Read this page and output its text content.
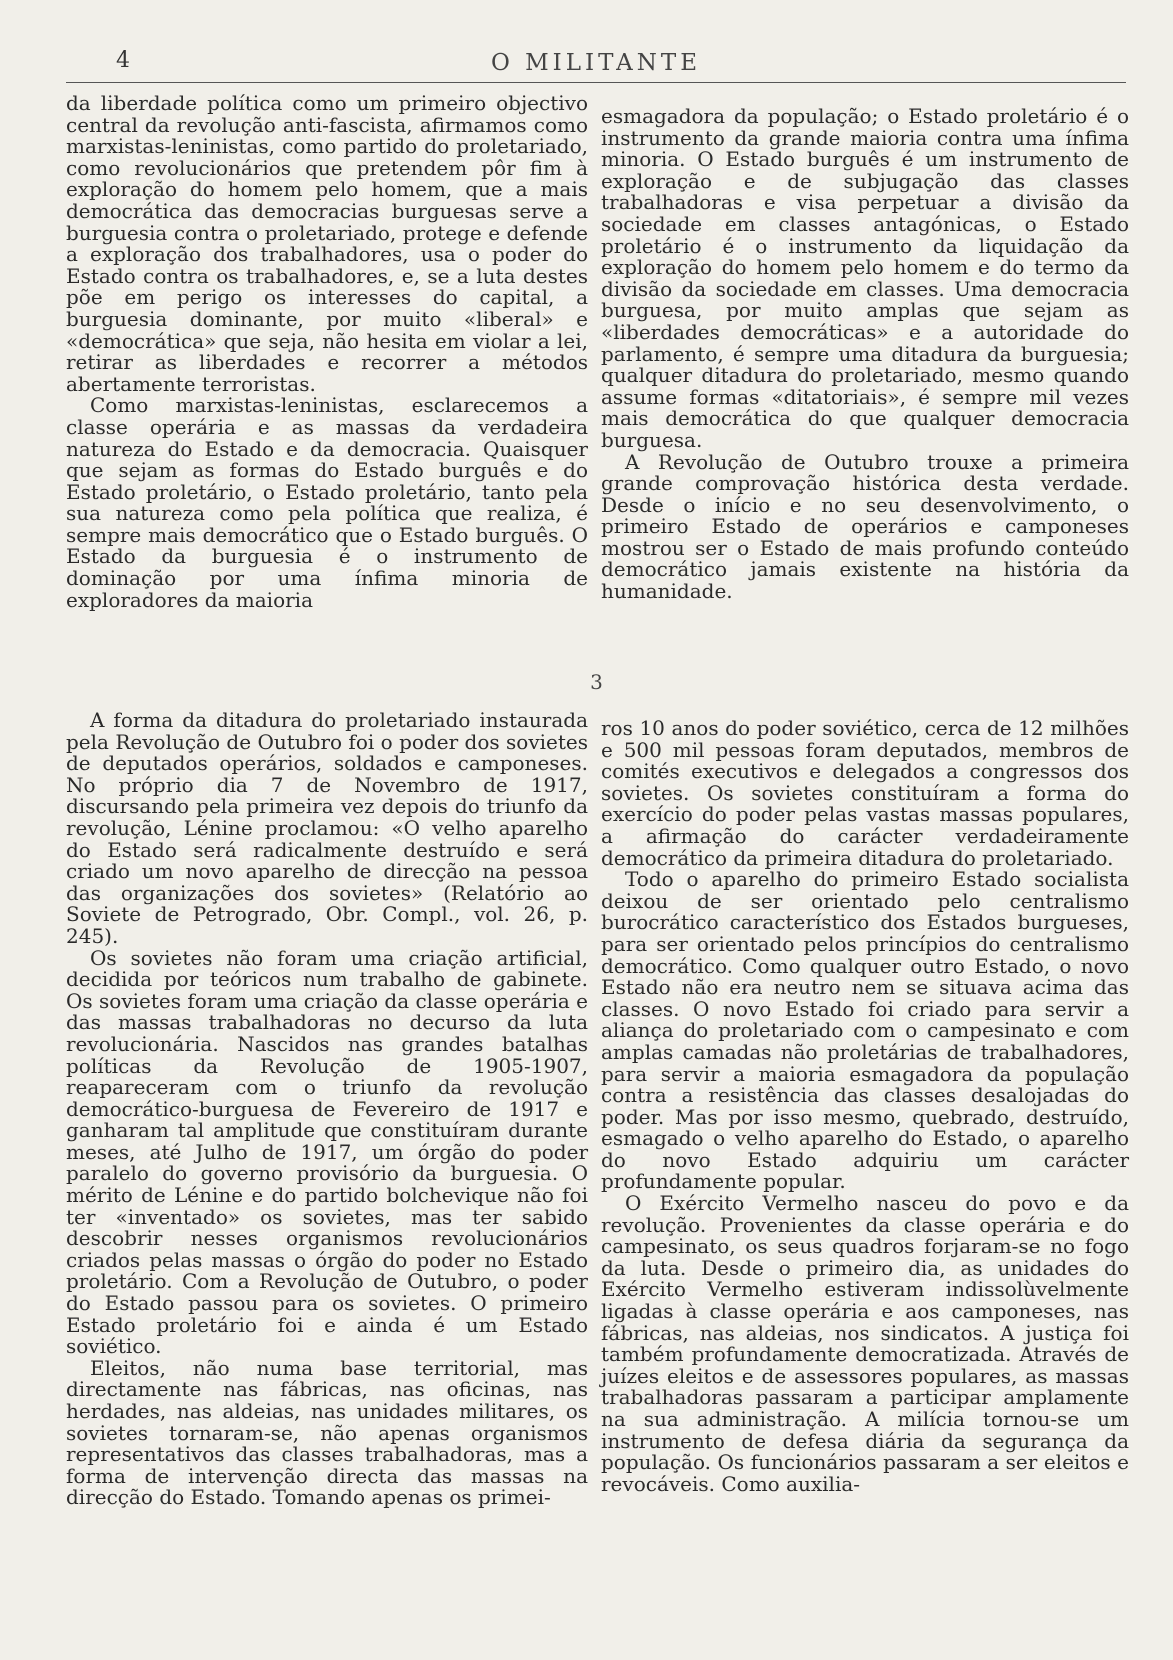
4	O MILITANTE

da liberdade política como um primeiro objectivo central da revolução anti-fascista, afirmamos como marxistas-leninistas, como partido do proletariado, como revolucionários que pretendem pôr fim à exploração do homem pelo homem, que a mais democrática das democracias burguesas serve a burguesia contra o proletariado, protege e defende a exploração dos trabalhadores, usa o poder do Estado contra os trabalhadores, e, se a luta destes põe em perigo os interesses do capital, a burguesia dominante, por muito «liberal» e «democrática» que seja, não hesita em violar a lei, retirar as liberdades e recorrer a métodos abertamente terroristas.

Como marxistas-leninistas, esclarecemos a classe operária e as massas da verdadeira natureza do Estado e da democracia. Quaisquer que sejam as formas do Estado burguês e do Estado proletário, o Estado proletário, tanto pela sua natureza como pela política que realiza, é sempre mais democrático que o Estado burguês. O Estado da burguesia é o instrumento de dominação por uma ínfima minoria de exploradores da maioria

esmagadora da população; o Estado proletário é o instrumento da grande maioria contra uma ínfima minoria. O Estado burguês é um instrumento de exploração e de subjugação das classes trabalhadoras e visa perpetuar a divisão da sociedade em classes antagónicas, o Estado proletário é o instrumento da liquidação da exploração do homem pelo homem e do termo da divisão da sociedade em classes. Uma democracia burguesa, por muito amplas que sejam as «liberdades democráticas» e a autoridade do parlamento, é sempre uma ditadura da burguesia; qualquer ditadura do proletariado, mesmo quando assume formas «ditatoriais», é sempre mil vezes mais democrática do que qualquer democracia burguesa.

A Revolução de Outubro trouxe a primeira grande comprovação histórica desta verdade. Desde o início e no seu desenvolvimento, o primeiro Estado de operários e camponeses mostrou ser o Estado de mais profundo conteúdo democrático jamais existente na história da humanidade.

3

A forma da ditadura do proletariado instaurada pela Revolução de Outubro foi o poder dos sovietes de deputados operários, soldados e camponeses. No próprio dia 7 de Novembro de 1917, discursando pela primeira vez depois do triunfo da revolução, Lénine proclamou: «O velho aparelho do Estado será radicalmente destruído e será criado um novo aparelho de direcção na pessoa das organizações dos sovietes» (Relatório ao Soviete de Petrogrado, Obr. Compl., vol. 26, p. 245).

Os sovietes não foram uma criação artificial, decidida por teóricos num trabalho de gabinete. Os sovietes foram uma criação da classe operária e das massas trabalhadoras no decurso da luta revolucionária. Nascidos nas grandes batalhas políticas da Revolução de 1905-1907, reapareceram com o triunfo da revolução democrático-burguesa de Fevereiro de 1917 e ganharam tal amplitude que constituíram durante meses, até Julho de 1917, um órgão do poder paralelo do governo provisório da burguesia. O mérito de Lénine e do partido bolchevique não foi ter «inventado» os sovietes, mas ter sabido descobrir nesses organismos revolucionários criados pelas massas o órgão do poder no Estado proletário. Com a Revolução de Outubro, o poder do Estado passou para os sovietes. O primeiro Estado proletário foi e ainda é um Estado soviético.

Eleitos, não numa base territorial, mas directamente nas fábricas, nas oficinas, nas herdades, nas aldeias, nas unidades militares, os sovietes tornaram-se, não apenas organismos representativos das classes trabalhadoras, mas a forma de intervenção directa das massas na direcção do Estado. Tomando apenas os primei-

ros 10 anos do poder soviético, cerca de 12 milhões e 500 mil pessoas foram deputados, membros de comités executivos e delegados a congressos dos sovietes. Os sovietes constituíram a forma do exercício do poder pelas vastas massas populares, a afirmação do carácter verdadeiramente democrático da primeira ditadura do proletariado.

Todo o aparelho do primeiro Estado socialista deixou de ser orientado pelo centralismo burocrático característico dos Estados burgueses, para ser orientado pelos princípios do centralismo democrático. Como qualquer outro Estado, o novo Estado não era neutro nem se situava acima das classes. O novo Estado foi criado para servir a aliança do proletariado com o campesinato e com amplas camadas não proletárias de trabalhadores, para servir a maioria esmagadora da população contra a resistência das classes desalojadas do poder. Mas por isso mesmo, quebrado, destruído, esmagado o velho aparelho do Estado, o aparelho do novo Estado adquiriu um carácter profundamente popular.

O Exército Vermelho nasceu do povo e da revolução. Provenientes da classe operária e do campesinato, os seus quadros forjaram-se no fogo da luta. Desde o primeiro dia, as unidades do Exército Vermelho estiveram indissolùvelmente ligadas à classe operária e aos camponeses, nas fábricas, nas aldeias, nos sindicatos. A justiça foi também profundamente democratizada. Através de juízes eleitos e de assessores populares, as massas trabalhadoras passaram a participar amplamente na sua administração. A milícia tornou-se um instrumento de defesa diária da segurança da população. Os funcionários passaram a ser eleitos e revocáveis. Como auxilia-
